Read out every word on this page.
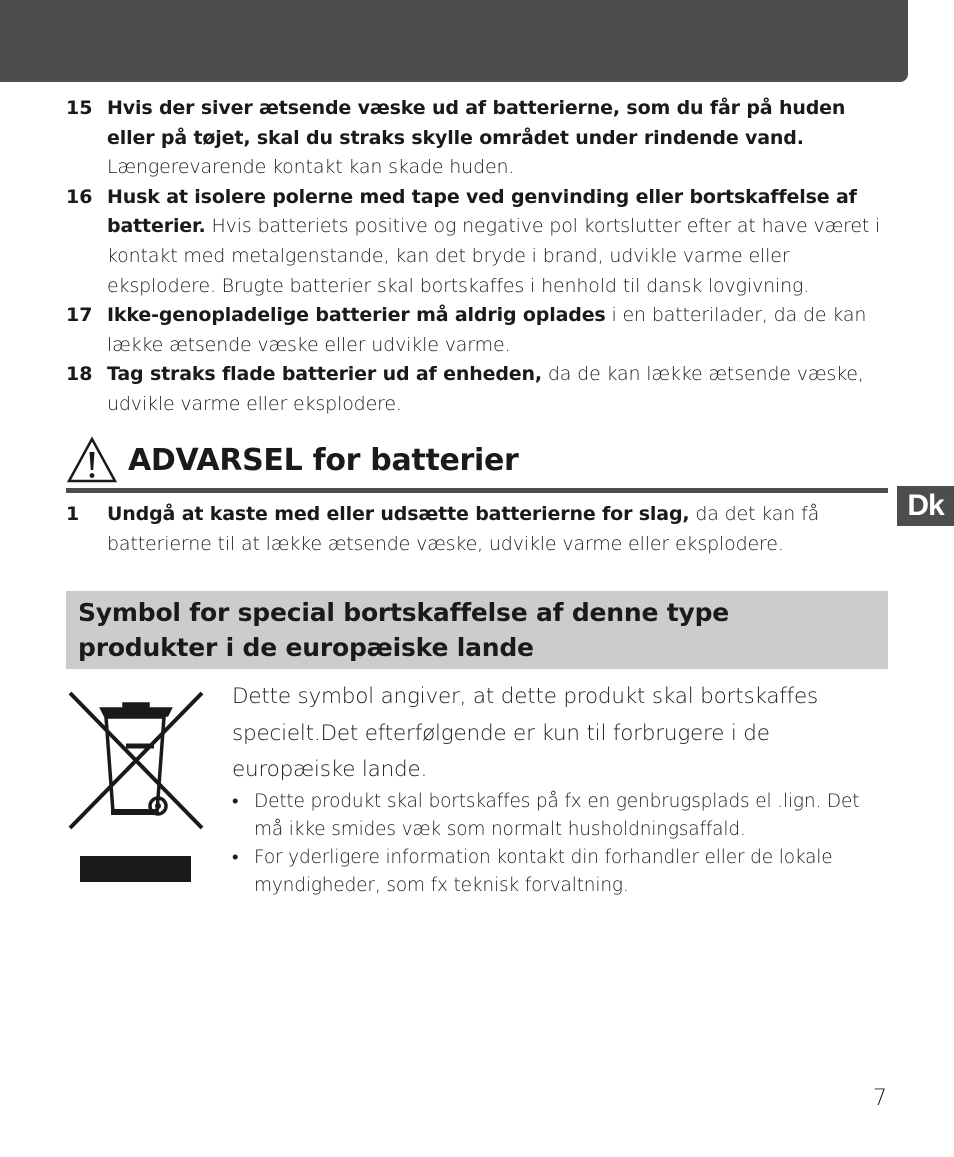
Dk
15 Hvis der siver ætsende væske ud af batterierne, som du får på huden eller på tøjet, skal du straks skylle området under rindende vand. Længerevarende kontakt kan skade huden.
16 Husk at isolere polerne med tape ved genvinding eller bortskaffelse af batterier. Hvis batteriets positive og negative pol kortslutter efter at have været i kontakt med metalgenstande, kan det bryde i brand, udvikle varme eller eksplodere. Brugte batterier skal bortskaffes i henhold til dansk lovgivning.
17 Ikke-genopladelige batterier må aldrig oplades i en batterilader, da de kan lække ætsende væske eller udvikle varme.
18 Tag straks flade batterier ud af enheden, da de kan lække ætsende væske, udvikle varme eller eksplodere.
ADVARSEL for batterier
1	Undgå at kaste med eller udsætte batterierne for slag, da det kan få batterierne til at lække ætsende væske, udvikle varme eller eksplodere.
Symbol for special bortskaffelse af denne type produkter i de europæiske lande
Dette symbol angiver, at dette produkt skal bortskaffes specielt.Det efterfølgende er kun til forbrugere i de europæiske lande.
• Dette produkt skal bortskaffes på fx en genbrugsplads el .lign. Det må ikke smides væk som normalt husholdningsaffald.
• For yderligere information kontakt din forhandler eller de lokale myndigheder, som fx teknisk forvaltning.
7
